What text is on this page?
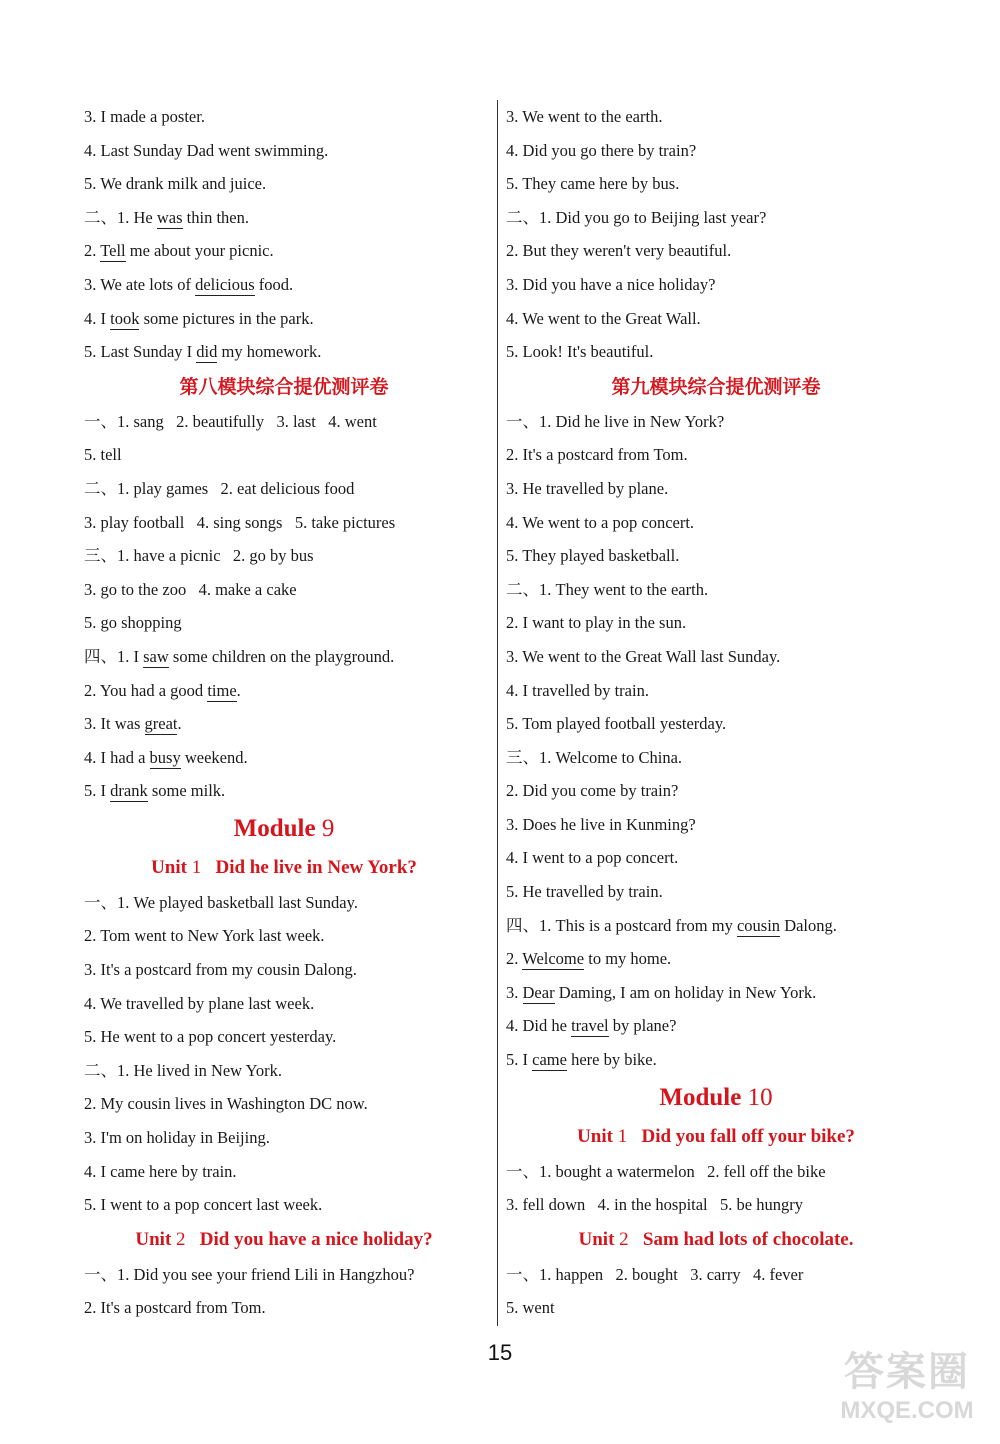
3. I made a poster.
4. Last Sunday Dad went swimming.
5. We drank milk and juice.
二、1. He was thin then.
2. Tell me about your picnic.
3. We ate lots of delicious food.
4. I took some pictures in the park.
5. Last Sunday I did my homework.
第八模块综合提优测评卷
一、1. sang   2. beautifully   3. last   4. went
5. tell
二、1. play games   2. eat delicious food
3. play football   4. sing songs   5. take pictures
三、1. have a picnic   2. go by bus
3. go to the zoo   4. make a cake
5. go shopping
四、1. I saw some children on the playground.
2. You had a good time.
3. It was great.
4. I had a busy weekend.
5. I drank some milk.
Module 9
Unit 1   Did he live in New York?
一、1. We played basketball last Sunday.
2. Tom went to New York last week.
3. It's a postcard from my cousin Dalong.
4. We travelled by plane last week.
5. He went to a pop concert yesterday.
二、1. He lived in New York.
2. My cousin lives in Washington DC now.
3. I'm on holiday in Beijing.
4. I came here by train.
5. I went to a pop concert last week.
Unit 2   Did you have a nice holiday?
一、1. Did you see your friend Lili in Hangzhou?
2. It's a postcard from Tom.
3. We went to the earth.
4. Did you go there by train?
5. They came here by bus.
二、1. Did you go to Beijing last year?
2. But they weren't very beautiful.
3. Did you have a nice holiday?
4. We went to the Great Wall.
5. Look! It's beautiful.
第九模块综合提优测评卷
一、1. Did he live in New York?
2. It's a postcard from Tom.
3. He travelled by plane.
4. We went to a pop concert.
5. They played basketball.
二、1. They went to the earth.
2. I want to play in the sun.
3. We went to the Great Wall last Sunday.
4. I travelled by train.
5. Tom played football yesterday.
三、1. Welcome to China.
2. Did you come by train?
3. Does he live in Kunming?
4. I went to a pop concert.
5. He travelled by train.
四、1. This is a postcard from my cousin Dalong.
2. Welcome to my home.
3. Dear Daming, I am on holiday in New York.
4. Did he travel by plane?
5. I came here by bike.
Module 10
Unit 1   Did you fall off your bike?
一、1. bought a watermelon   2. fell off the bike
3. fell down   4. in the hospital   5. be hungry
Unit 2   Sam had lots of chocolate.
一、1. happen   2. bought   3. carry   4. fever
5. went
15	答案圈
MXQE.COM
